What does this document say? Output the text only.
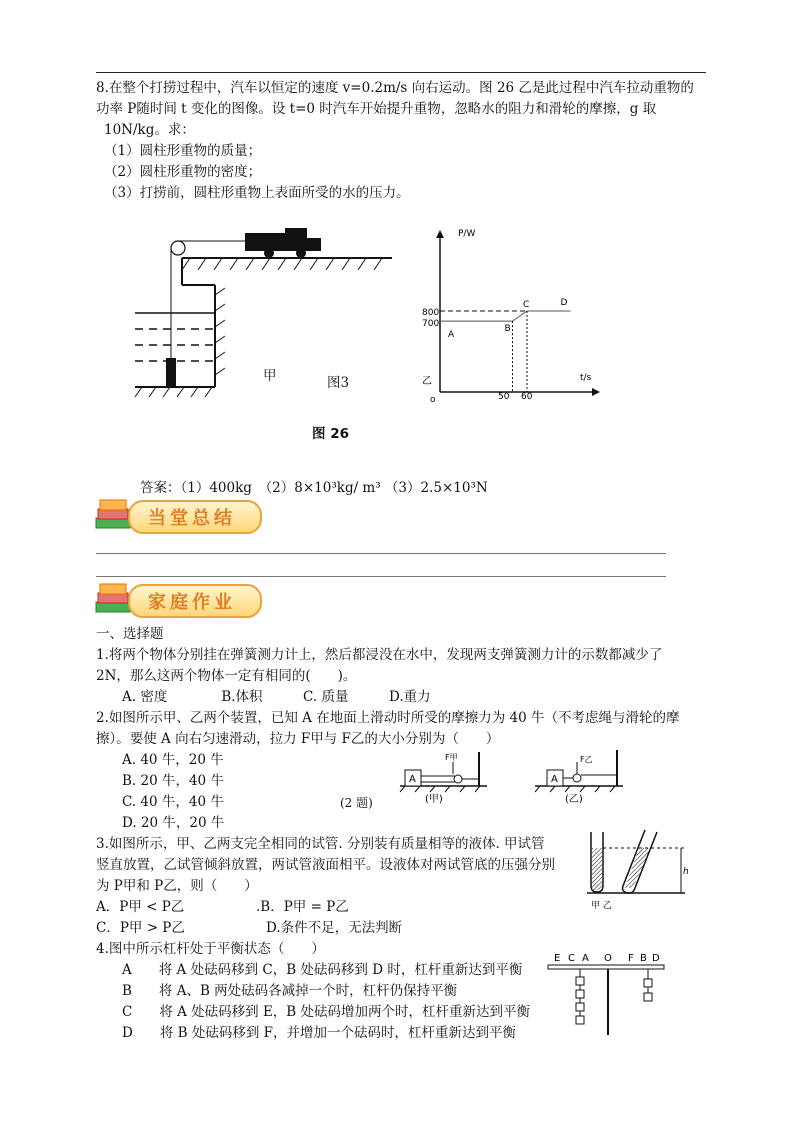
8.在整个打捞过程中，汽车以恒定的速度 v=0.2m/s 向右运动。图 26 乙是此过程中汽车拉动重物的
功率 P随时间 t 变化的图像。设 t=0 时汽车开始提升重物，忽略水的阻力和滑轮的摩擦，g 取
10N/kg。求：
（1）圆柱形重物的质量；
（2）圆柱形重物的密度；
（3）打捞前，圆柱形重物上表面所受的水的压力。
甲	图3
P/W
t/s
o
乙
800
700
50 60
A
B
C	D
图 26
答案：（1）400kg　（2）8×10³kg/ m³ （3）2.5×10³N
当堂总结
家庭作业
一、选择题
1.将两个物体分别挂在弹簧测力计上，然后都浸没在水中，发现两支弹簧测力计的示数都减少了
2N，那么这两个物体一定有相同的(　　)。
A. 密度　　　　B.体积　　　C. 质量　　　D.重力
2.如图所示甲、乙两个装置，已知 A 在地面上滑动时所受的摩擦力为 40 牛（不考虑绳与滑轮的摩
擦）。要使 A 向右匀速滑动，拉力 F甲与 F乙的大小分别为（　　）
A. 40 牛，20 牛
B. 20 牛，40 牛
C. 40 牛，40 牛
D. 20 牛，20 牛
(2 题)
A
F甲
(甲)
A
F乙
(乙)
3.如图所示，甲、乙两支完全相同的试管. 分别装有质量相等的液体. 甲试管
竖直放置，乙试管倾斜放置，两试管液面相平。设液体对两试管底的压强分别
为 P甲和 P乙，则（　　）
A．P甲 < P乙	.B．P甲 = P乙
C．P甲 > P乙	D.条件不足，无法判断
h
甲 乙
4.图中所示杠杆处于平衡状态（　　）
A　　将 A 处砝码移到 C，B 处砝码移到 D 时，杠杆重新达到平衡
B　　将 A、B 两处砝码各减掉一个时，杠杆仍保持平衡
C　　将 A 处砝码移到 E，B 处砝码增加两个时，杠杆重新达到平衡
D　　将 B 处砝码移到 F，并增加一个砝码时，杠杆重新达到平衡
E C A O F B D
